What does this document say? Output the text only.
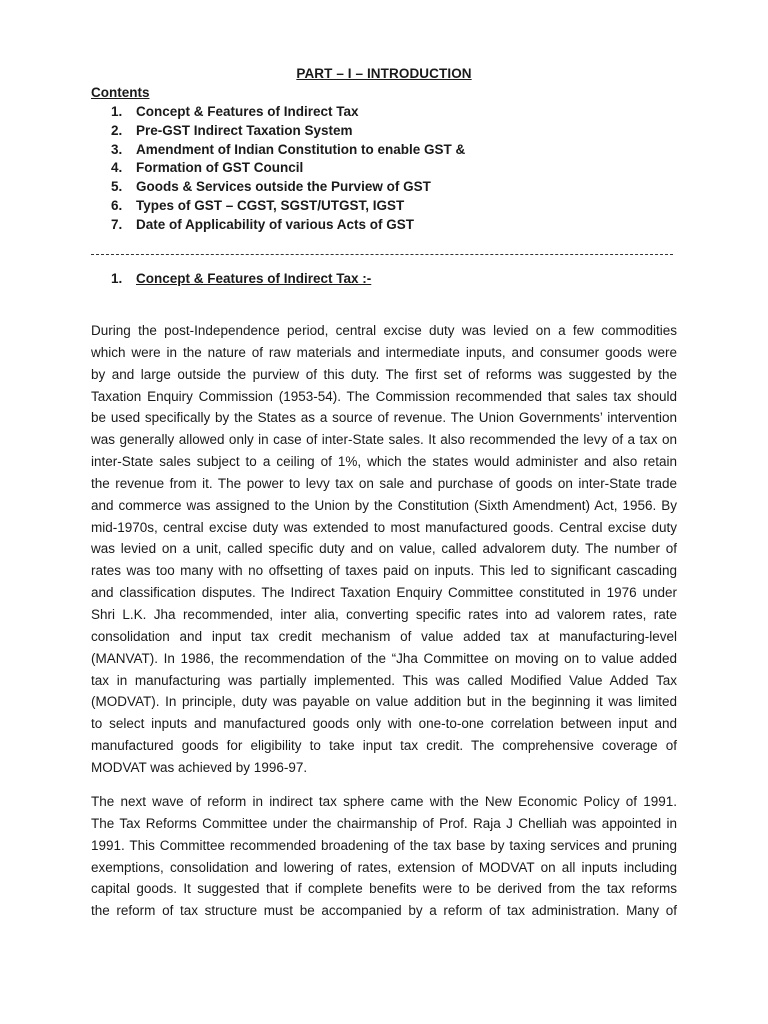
PART – I – INTRODUCTION
Contents
1.	Concept & Features of Indirect Tax
2.	Pre-GST Indirect Taxation System
3.	Amendment of Indian Constitution to enable GST &
4.	Formation of GST Council
5.	Goods & Services outside the Purview of GST
6.	Types of GST – CGST, SGST/UTGST, IGST
7.	Date of Applicability of various Acts of GST
1. Concept & Features of Indirect Tax :-
During the post-Independence period, central excise duty was levied on a few commodities
which were in the nature of raw materials and intermediate inputs, and consumer goods were
by and large outside the purview of this duty. The first set of reforms was suggested by the
Taxation Enquiry Commission (1953-54). The Commission recommended that sales tax should
be used specifically by the States as a source of revenue. The Union Governments’ intervention
was generally allowed only in case of inter-State sales. It also recommended the levy of a tax on
inter-State sales subject to a ceiling of 1%, which the states would administer and also retain
the revenue from it. The power to levy tax on sale and purchase of goods on inter-State trade
and commerce was assigned to the Union by the Constitution (Sixth Amendment) Act, 1956. By
mid-1970s, central excise duty was extended to most manufactured goods. Central excise duty
was levied on a unit, called specific duty and on value, called advalorem duty. The number of
rates was too many with no offsetting of taxes paid on inputs. This led to significant cascading
and classification disputes. The Indirect Taxation Enquiry Committee constituted in 1976 under
Shri L.K. Jha recommended, inter alia, converting specific rates into ad valorem rates, rate
consolidation and input tax credit mechanism of value added tax at manufacturing-level
(MANVAT). In 1986, the recommendation of the “Jha Committee on moving on to value added
tax in manufacturing was partially implemented. This was called Modified Value Added Tax
(MODVAT). In principle, duty was payable on value addition but in the beginning it was limited
to select inputs and manufactured goods only with one-to-one correlation between input and
manufactured goods for eligibility to take input tax credit. The comprehensive coverage of
MODVAT was achieved by 1996-97.
The next wave of reform in indirect tax sphere came with the New Economic Policy of 1991.
The Tax Reforms Committee under the chairmanship of Prof. Raja J Chelliah was appointed in
1991. This Committee recommended broadening of the tax base by taxing services and pruning
exemptions, consolidation and lowering of rates, extension of MODVAT on all inputs including
capital goods. It suggested that if complete benefits were to be derived from the tax reforms
the reform of tax structure must be accompanied by a reform of tax administration. Many of
